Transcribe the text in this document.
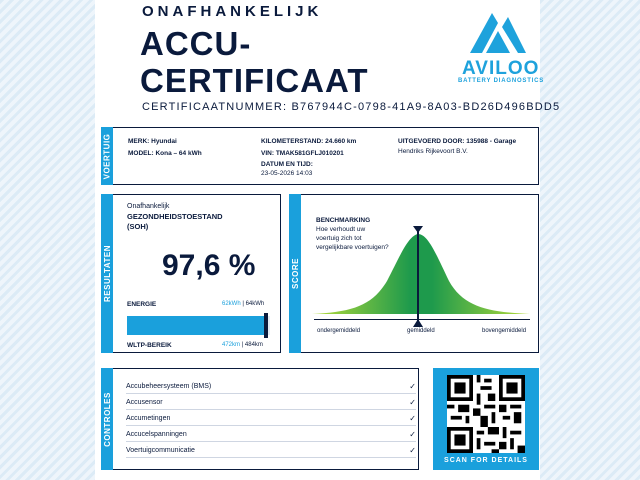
ONAFHANKELIJK
ACCU-
CERTIFICAAT
CERTIFICAATNUMMER: B767944C-0798-41A9-8A03-BD26D496BDD5
AVILOO
BATTERY DIAGNOSTICS
VOERTUIG	MERK: Hyundai
MODEL: Kona – 64 kWh
KILOMETERSTAND: 24.660 km
VIN: TMAK581GFLJ010201
DATUM EN TIJD:
23-05-2026 14:03
UITGEVOERD DOOR: 135988 - Garage
Hendriks Rijkevoort B.V.
RESULTATEN
Onafhankelijk
GEZONDHEIDSTOESTAND
(SOH)
97,6 %
ENERGIE	62kWh | 64kWh
WLTP-BEREIK	472km | 484km
SCORE
BENCHMARKING
Hoe verhoudt uw
voertuig zich tot
vergelijkbare voertuigen?
ondergemiddeld	gemiddeld	bovengemiddeld
CONTROLES
Accubeheersysteem (BMS)	✓
Accusensor	✓
Accumetingen	✓
Accucelspanningen	✓
Voertuigcommunicatie	✓
SCAN FOR DETAILS
